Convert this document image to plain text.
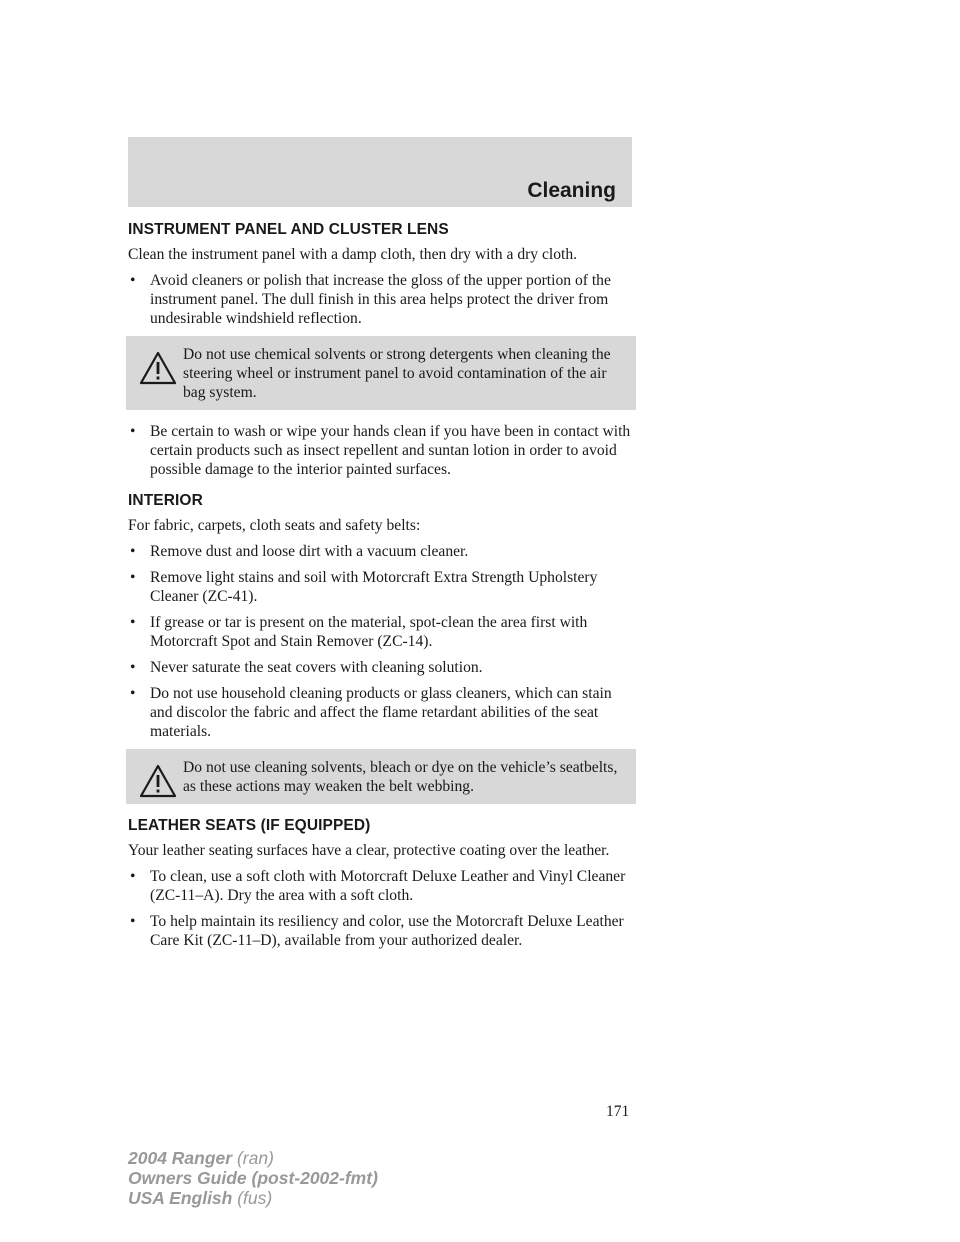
Cleaning
INSTRUMENT PANEL AND CLUSTER LENS

Clean the instrument panel with a damp cloth, then dry with a dry cloth.

• Avoid cleaners or polish that increase the gloss of the upper portion of the instrument panel. The dull finish in this area helps protect the driver from undesirable windshield reflection.
Do not use chemical solvents or strong detergents when cleaning the steering wheel or instrument panel to avoid contamination of the air bag system.
• Be certain to wash or wipe your hands clean if you have been in contact with certain products such as insect repellent and suntan lotion in order to avoid possible damage to the interior painted surfaces.
INTERIOR

For fabric, carpets, cloth seats and safety belts:

• Remove dust and loose dirt with a vacuum cleaner.
• Remove light stains and soil with Motorcraft Extra Strength Upholstery Cleaner (ZC-41).
• If grease or tar is present on the material, spot-clean the area first with Motorcraft Spot and Stain Remover (ZC-14).
• Never saturate the seat covers with cleaning solution.
• Do not use household cleaning products or glass cleaners, which can stain and discolor the fabric and affect the flame retardant abilities of the seat materials.
Do not use cleaning solvents, bleach or dye on the vehicle’s seatbelts, as these actions may weaken the belt webbing.
LEATHER SEATS (IF EQUIPPED)

Your leather seating surfaces have a clear, protective coating over the leather.

• To clean, use a soft cloth with Motorcraft Deluxe Leather and Vinyl Cleaner (ZC-11–A). Dry the area with a soft cloth.
• To help maintain its resiliency and color, use the Motorcraft Deluxe Leather Care Kit (ZC-11–D), available from your authorized dealer.
171
2004 Ranger (ran)
Owners Guide (post-2002-fmt)
USA English (fus)
